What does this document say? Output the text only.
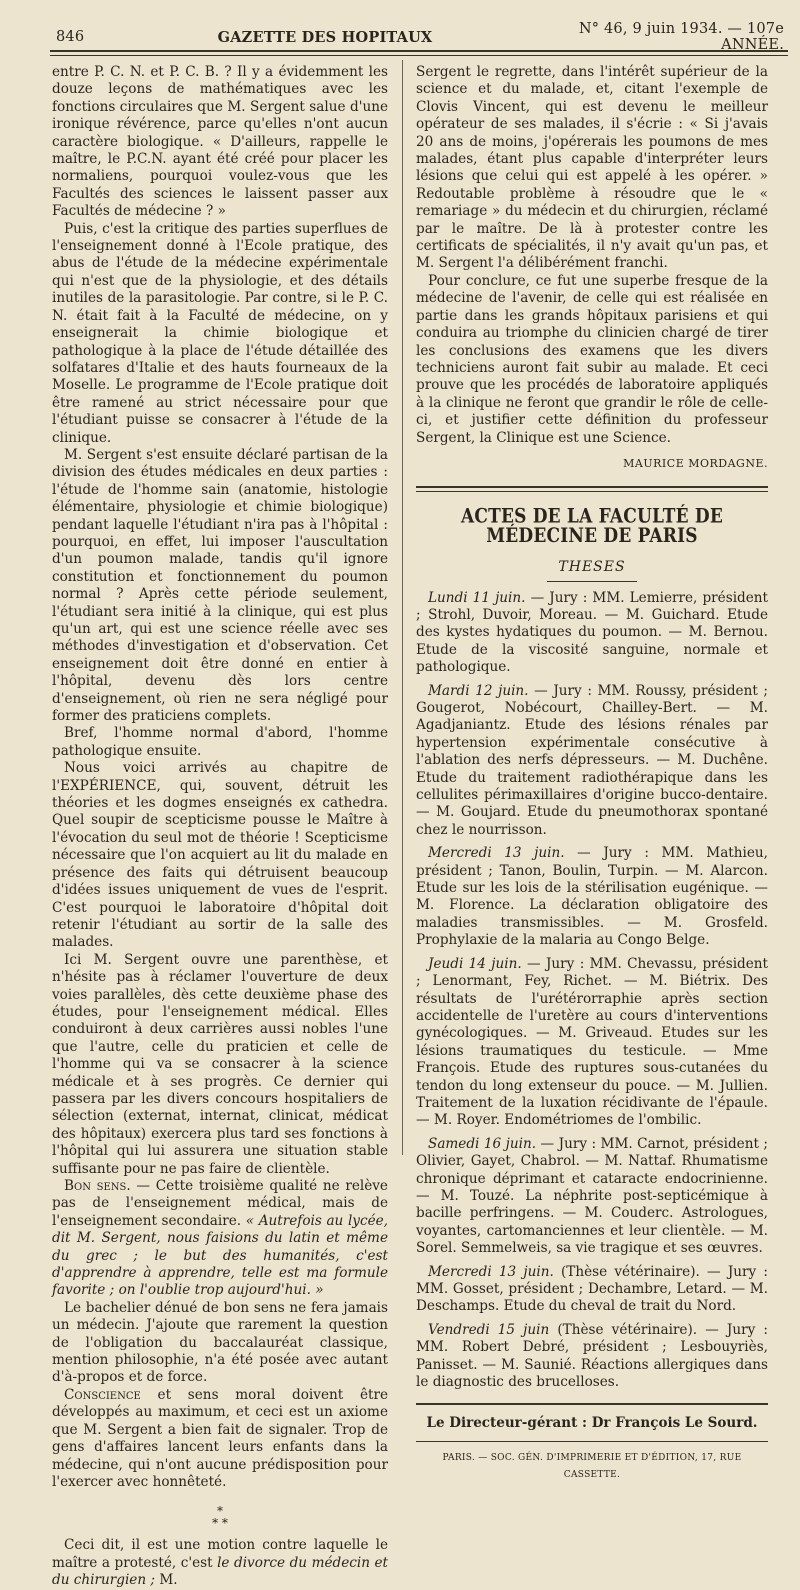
846	GAZETTE DES HOPITAUX	N° 46, 9 juin 1934. — 107e ANNÉE.

entre P. C. N. et P. C. B. ? Il y a évidemment les douze leçons de mathématiques avec les fonctions circulaires que M. Sergent salue d'une ironique révérence, parce qu'elles n'ont aucun caractère biologique. « D'ailleurs, rappelle le maître, le P.C.N. ayant été créé pour placer les normaliens, pourquoi voulez-vous que les Facultés des sciences le laissent passer aux Facultés de médecine ? »

Puis, c'est la critique des parties superflues de l'enseignement donné à l'Ecole pratique, des abus de l'étude de la médecine expérimentale qui n'est que de la physiologie, et des détails inutiles de la parasitologie. Par contre, si le P. C. N. était fait à la Faculté de médecine, on y enseignerait la chimie biologique et pathologique à la place de l'étude détaillée des solfatares d'Italie et des hauts fourneaux de la Moselle. Le programme de l'Ecole pratique doit être ramené au strict nécessaire pour que l'étudiant puisse se consacrer à l'étude de la clinique.

M. Sergent s'est ensuite déclaré partisan de la division des études médicales en deux parties : l'étude de l'homme sain (anatomie, histologie élémentaire, physiologie et chimie biologique) pendant laquelle l'étudiant n'ira pas à l'hôpital : pourquoi, en effet, lui imposer l'auscultation d'un poumon malade, tandis qu'il ignore constitution et fonctionnement du poumon normal ? Après cette période seulement, l'étudiant sera initié à la clinique, qui est plus qu'un art, qui est une science réelle avec ses méthodes d'investigation et d'observation. Cet enseignement doit être donné en entier à l'hôpital, devenu dès lors centre d'enseignement, où rien ne sera négligé pour former des praticiens complets.

Bref, l'homme normal d'abord, l'homme pathologique ensuite.

Nous voici arrivés au chapitre de l'EXPÉRIENCE, qui, souvent, détruit les théories et les dogmes enseignés ex cathedra. Quel soupir de scepticisme pousse le Maître à l'évocation du seul mot de théorie ! Scepticisme nécessaire que l'on acquiert au lit du malade en présence des faits qui détruisent beaucoup d'idées issues uniquement de vues de l'esprit. C'est pourquoi le laboratoire d'hôpital doit retenir l'étudiant au sortir de la salle des malades.

Ici M. Sergent ouvre une parenthèse, et n'hésite pas à réclamer l'ouverture de deux voies parallèles, dès cette deuxième phase des études, pour l'enseignement médical. Elles conduiront à deux carrières aussi nobles l'une que l'autre, celle du praticien et celle de l'homme qui va se consacrer à la science médicale et à ses progrès. Ce dernier qui passera par les divers concours hospitaliers de sélection (externat, internat, clinicat, médicat des hôpitaux) exercera plus tard ses fonctions à l'hôpital qui lui assurera une situation stable suffisante pour ne pas faire de clientèle.

Bon sens. — Cette troisième qualité ne relève pas de l'enseignement médical, mais de l'enseignement secondaire. « Autrefois au lycée, dit M. Sergent, nous faisions du latin et même du grec ; le but des humanités, c'est d'apprendre à apprendre, telle est ma formule favorite ; on l'oublie trop aujourd'hui. »

Le bachelier dénué de bon sens ne fera jamais un médecin. J'ajoute que rarement la question de l'obligation du baccalauréat classique, mention philosophie, n'a été posée avec autant d'à-propos et de force.

Conscience et sens moral doivent être développés au maximum, et ceci est un axiome que M. Sergent a bien fait de signaler. Trop de gens d'affaires lancent leurs enfants dans la médecine, qui n'ont aucune prédisposition pour l'exercer avec honnêteté.

*
* *

Ceci dit, il est une motion contre laquelle le maître a protesté, c'est le divorce du médecin et du chirurgien ; M.

Sergent le regrette, dans l'intérêt supérieur de la science et du malade, et, citant l'exemple de Clovis Vincent, qui est devenu le meilleur opérateur de ses malades, il s'écrie : « Si j'avais 20 ans de moins, j'opérerais les poumons de mes malades, étant plus capable d'interpréter leurs lésions que celui qui est appelé à les opérer. » Redoutable problème à résoudre que le « remariage » du médecin et du chirurgien, réclamé par le maître. De là à protester contre les certificats de spécialités, il n'y avait qu'un pas, et M. Sergent l'a délibérément franchi.

Pour conclure, ce fut une superbe fresque de la médecine de l'avenir, de celle qui est réalisée en partie dans les grands hôpitaux parisiens et qui conduira au triomphe du clinicien chargé de tirer les conclusions des examens que les divers techniciens auront fait subir au malade. Et ceci prouve que les procédés de laboratoire appliqués à la clinique ne feront que grandir le rôle de celle-ci, et justifier cette définition du professeur Sergent, la Clinique est une Science.

MAURICE MORDAGNE.
ACTES DE LA FACULTÉ DE MÉDECINE DE PARIS
THESES

Lundi 11 juin. — Jury : MM. Lemierre, président ; Strohl, Duvoir, Moreau. — M. Guichard. Etude des kystes hydatiques du poumon. — M. Bernou. Etude de la viscosité sanguine, normale et pathologique.

Mardi 12 juin. — Jury : MM. Roussy, président ; Gougerot, Nobécourt, Chailley-Bert. — M. Agadjaniantz. Etude des lésions rénales par hypertension expérimentale consécutive à l'ablation des nerfs dépresseurs. — M. Duchêne. Etude du traitement radiothérapique dans les cellulites périmaxillaires d'origine bucco-dentaire. — M. Goujard. Etude du pneumothorax spontané chez le nourrisson.

Mercredi 13 juin. — Jury : MM. Mathieu, président ; Tanon, Boulin, Turpin. — M. Alarcon. Etude sur les lois de la stérilisation eugénique. — M. Florence. La déclaration obligatoire des maladies transmissibles. — M. Grosfeld. Prophylaxie de la malaria au Congo Belge.

Jeudi 14 juin. — Jury : MM. Chevassu, président ; Lenormant, Fey, Richet. — M. Biétrix. Des résultats de l'urétérorraphie après section accidentelle de l'uretère au cours d'interventions gynécologiques. — M. Griveaud. Etudes sur les lésions traumatiques du testicule. — Mme François. Etude des ruptures sous-cutanées du tendon du long extenseur du pouce. — M. Jullien. Traitement de la luxation récidivante de l'épaule. — M. Royer. Endométriomes de l'ombilic.

Samedi 16 juin. — Jury : MM. Carnot, président ; Olivier, Gayet, Chabrol. — M. Nattaf. Rhumatisme chronique déprimant et cataracte endocrinienne. — M. Touzé. La néphrite post-septicémique à bacille perfringens. — M. Couderc. Astrologues, voyantes, cartomanciennes et leur clientèle. — M. Sorel. Semmelweis, sa vie tragique et ses œuvres.

Mercredi 13 juin. (Thèse vétérinaire). — Jury : MM. Gosset, président ; Dechambre, Letard. — M. Deschamps. Etude du cheval de trait du Nord.

Vendredi 15 juin (Thèse vétérinaire). — Jury : MM. Robert Debré, président ; Lesbouyriès, Panisset. — M. Saunié. Réactions allergiques dans le diagnostic des brucelloses.

Le Directeur-gérant : Dr François Le Sourd.
PARIS. — SOC. GÉN. D'IMPRIMERIE ET D'ÉDITION, 17, RUE CASSETTE.
